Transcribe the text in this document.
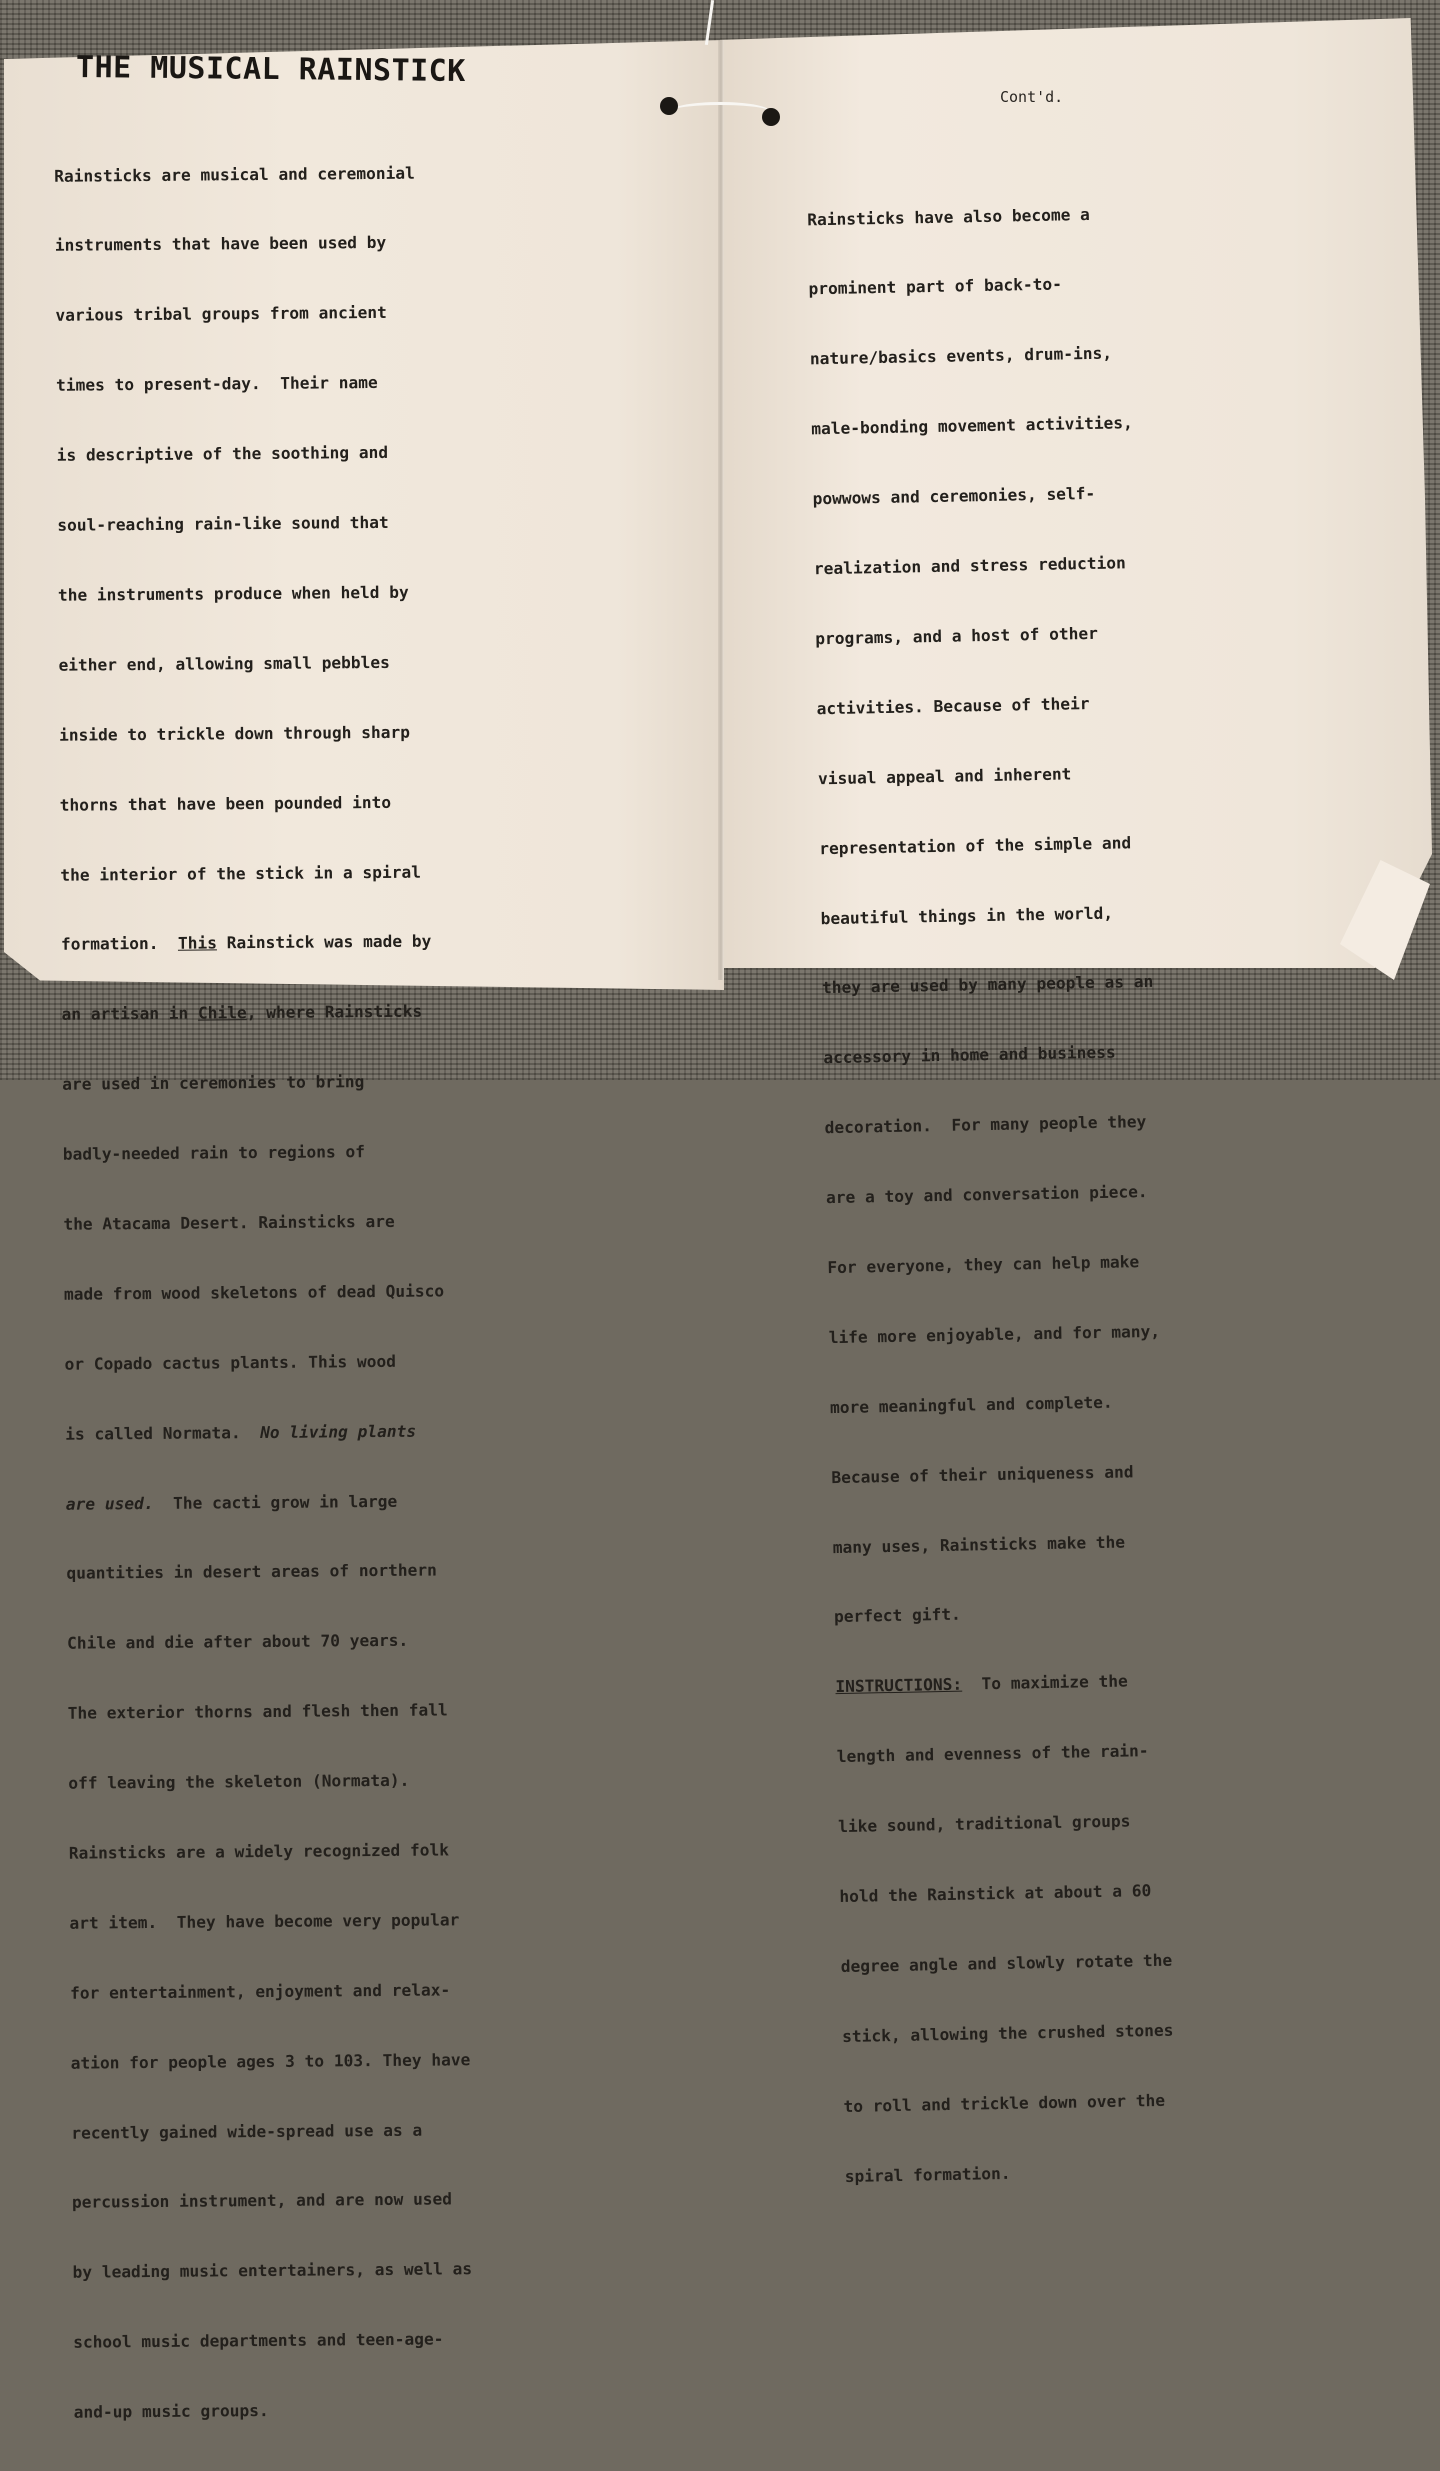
THE MUSICAL RAINSTICK

Cont'd.

Rainsticks are musical and ceremonial

instruments that have been used by

various tribal groups from ancient

times to present-day.  Their name

is descriptive of the soothing and

soul-reaching rain-like sound that

the instruments produce when held by

either end, allowing small pebbles

inside to trickle down through sharp

thorns that have been pounded into

the interior of the stick in a spiral

formation. This Rainstick was made by

an artisan in Chile, where Rainsticks

are used in ceremonies to bring

badly-needed rain to regions of

the Atacama Desert. Rainsticks are

made from wood skeletons of dead Quisco

or Copado cactus plants. This wood

is called Normata.  No living plants

are used.  The cacti grow in large

quantities in desert areas of northern

Chile and die after about 70 years.

The exterior thorns and flesh then fall

off leaving the skeleton (Normata).

Rainsticks are a widely recognized folk

art item.  They have become very popular

for entertainment, enjoyment and relax-

ation for people ages 3 to 103. They have

recently gained wide-spread use as a

percussion instrument, and are now used

by leading music entertainers, as well as

school music departments and teen-age-

and-up music groups.

Rainsticks have also become a

prominent part of back-to-

nature/basics events, drum-ins,

male-bonding movement activities,

powwows and ceremonies, self-

realization and stress reduction

programs, and a host of other

activities. Because of their

visual appeal and inherent

representation of the simple and

beautiful things in the world,

they are used by many people as an

accessory in home and business

decoration.  For many people they

are a toy and conversation piece.

For everyone, they can help make

life more enjoyable, and for many,

more meaningful and complete.

Because of their uniqueness and

many uses, Rainsticks make the

perfect gift.

INSTRUCTIONS:  To maximize the

length and evenness of the rain-

like sound, traditional groups

hold the Rainstick at about a 60

degree angle and slowly rotate the

stick, allowing the crushed stones

to roll and trickle down over the

spiral formation.
